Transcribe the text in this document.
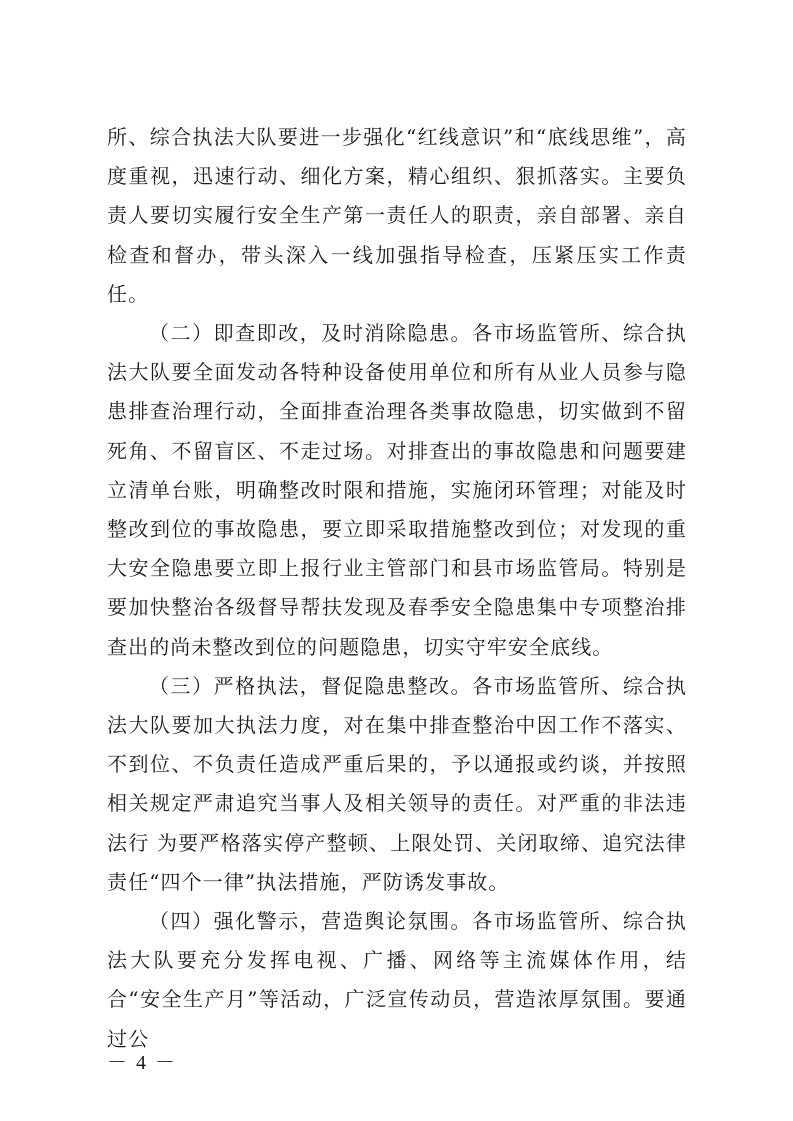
所、综合执法大队要进一步强化“红线意识”和“底线思维”，高度重视，迅速行动、细化方案，精心组织、狠抓落实。主要负责人要切实履行安全生产第一责任人的职责，亲自部署、亲自检查和督办，带头深入一线加强指导检查，压紧压实工作责任。

（二）即查即改，及时消除隐患。各市场监管所、综合执法大队要全面发动各特种设备使用单位和所有从业人员参与隐患排查治理行动，全面排查治理各类事故隐患，切实做到不留死角、不留盲区、不走过场。对排查出的事故隐患和问题要建立清单台账，明确整改时限和措施，实施闭环管理；对能及时整改到位的事故隐患，要立即采取措施整改到位；对发现的重大安全隐患要立即上报行业主管部门和县市场监管局。特别是要加快整治各级督导帮扶发现及春季安全隐患集中专项整治排查出的尚未整改到位的问题隐患，切实守牢安全底线。

（三）严格执法，督促隐患整改。各市场监管所、综合执法大队要加大执法力度，对在集中排查整治中因工作不落实、不到位、不负责任造成严重后果的，予以通报或约谈，并按照相关规定严肃追究当事人及相关领导的责任。对严重的非法违法行 为要严格落实停产整顿、上限处罚、关闭取缔、追究法律责任“四个一律”执法措施，严防诱发事故。

（四）强化警示，营造舆论氛围。各市场监管所、综合执法大队要充分发挥电视、广播、网络等主流媒体作用，结合“安全生产月”等活动，广泛宣传动员，营造浓厚氛围。要通过公

－ 4 －
